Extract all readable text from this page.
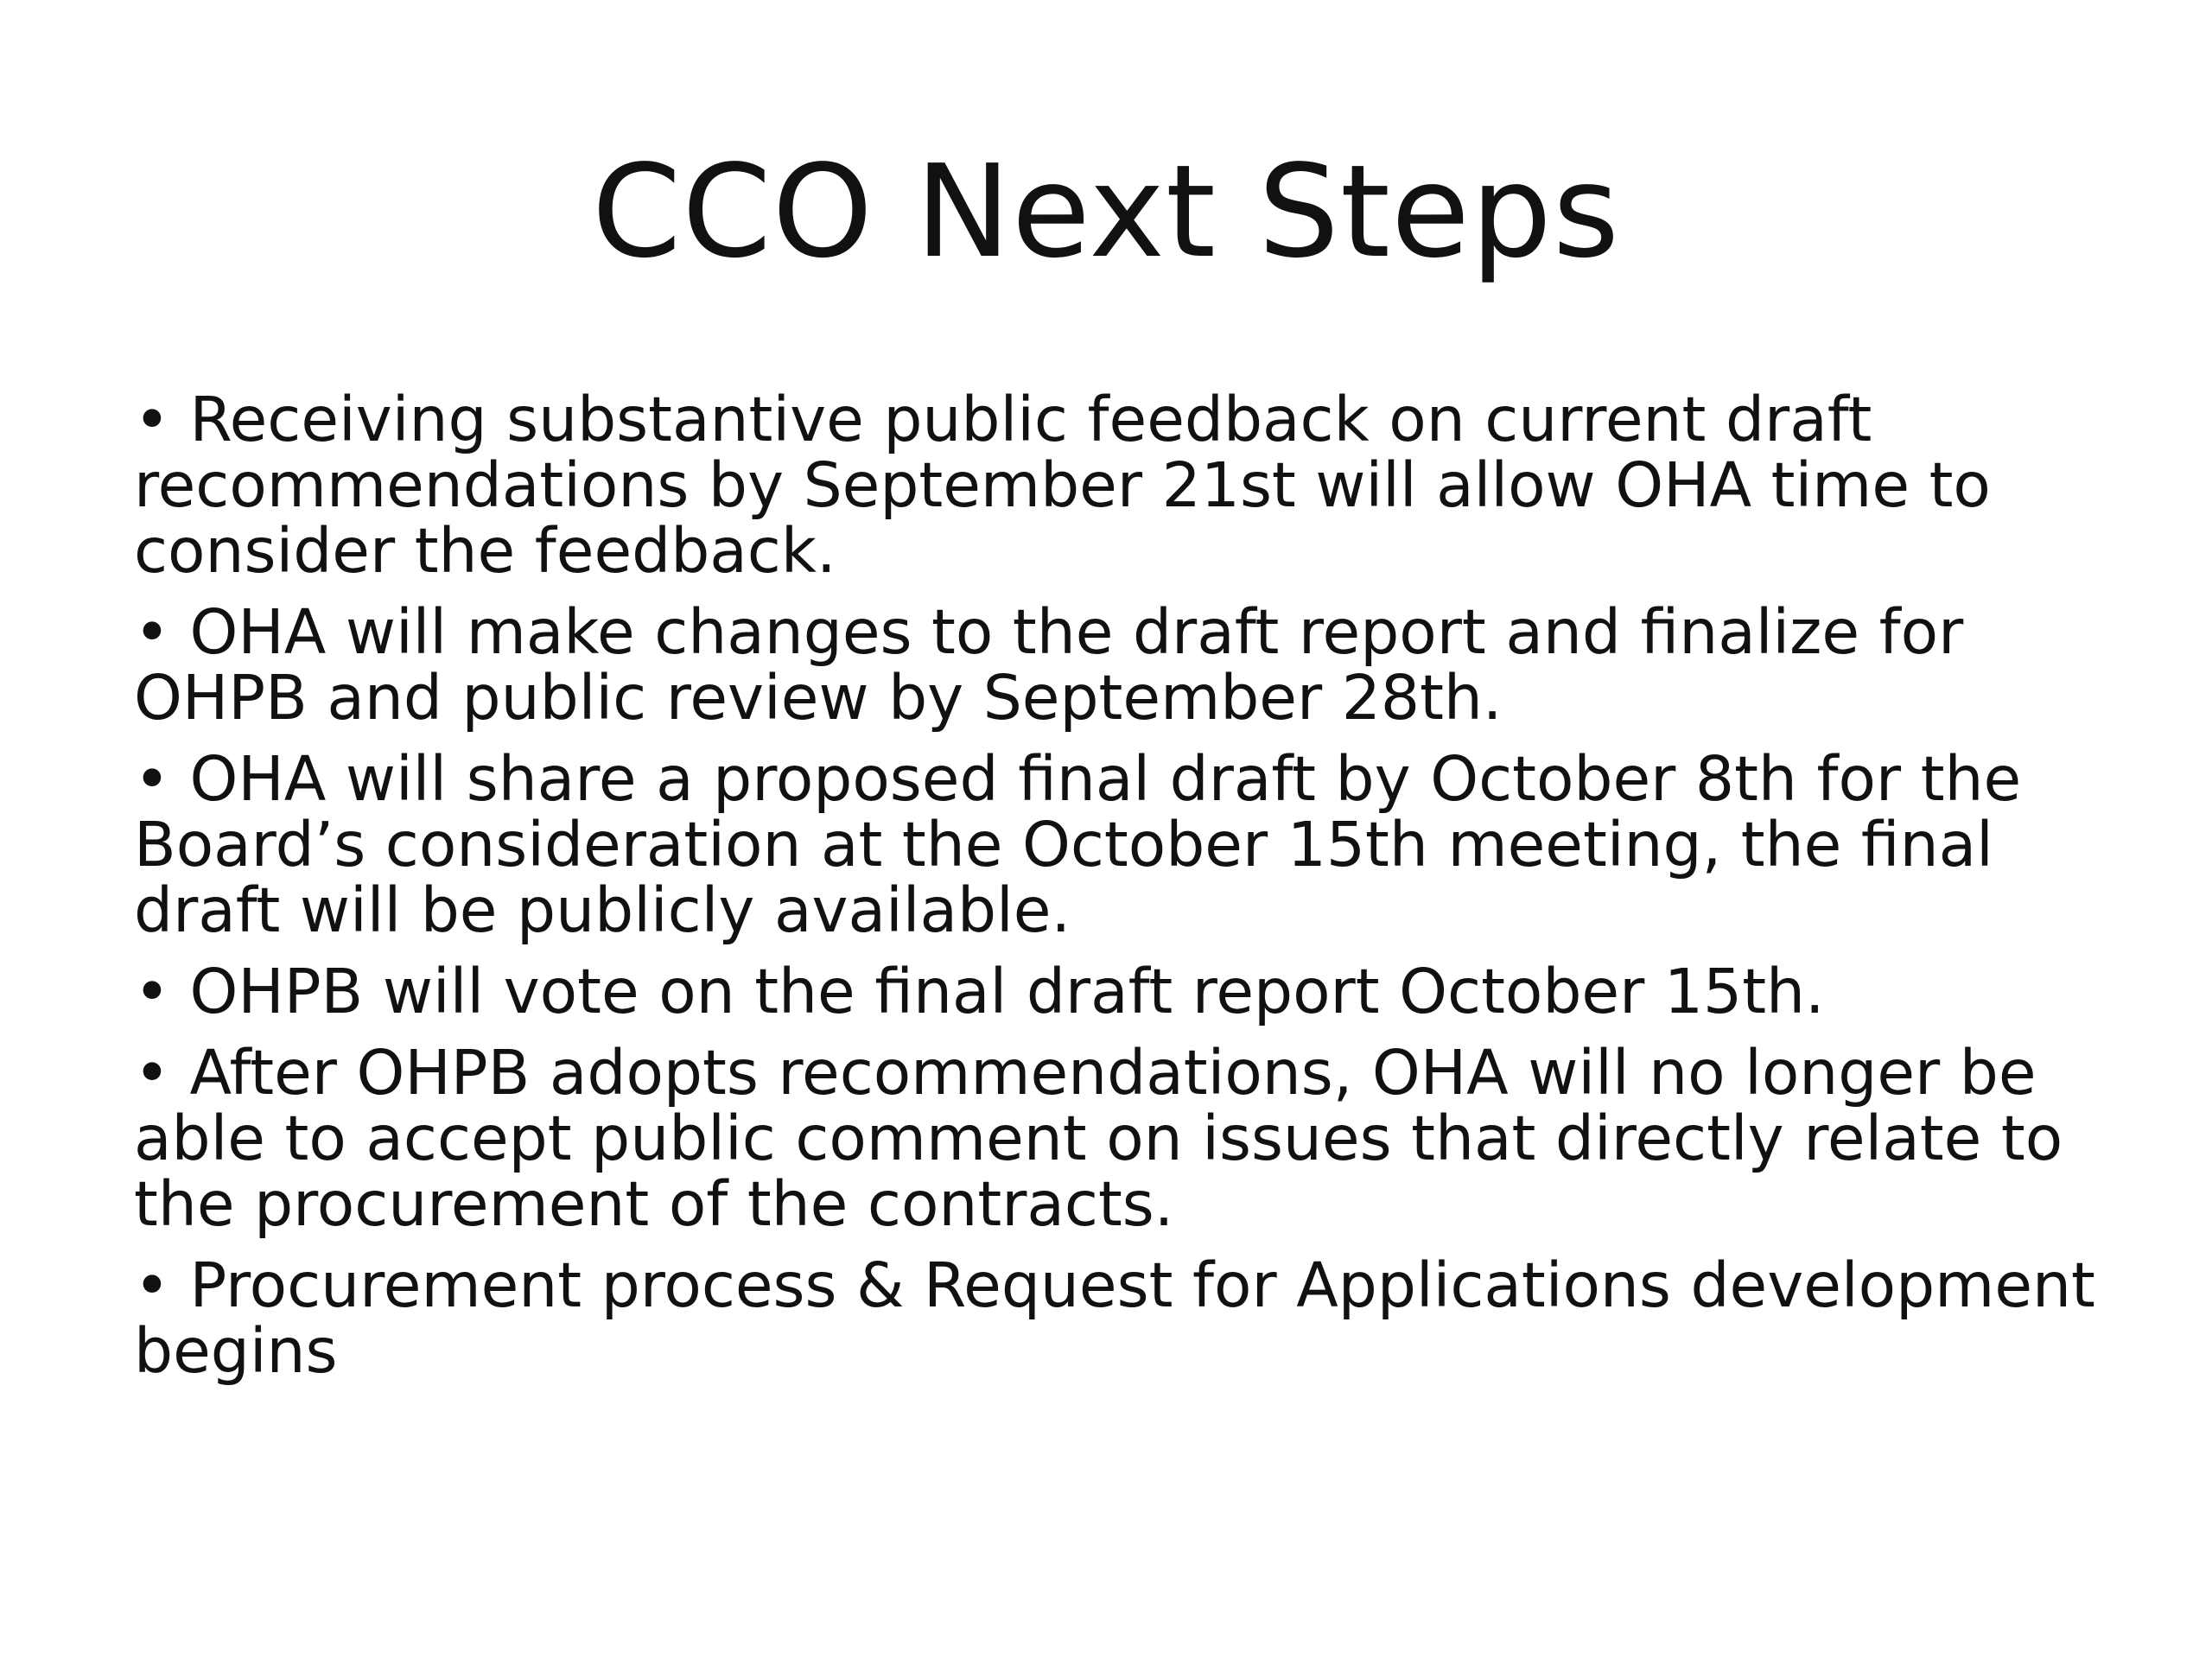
CCO Next Steps
• Receiving substantive public feedback on current draft recommendations by September 21st will allow OHA time to consider the feedback.
• OHA will make changes to the draft report and finalize for OHPB and public review by September 28th.
• OHA will share a proposed final draft by October 8th for the Board’s consideration at the October 15th meeting, the final draft will be publicly available.
• OHPB will vote on the final draft report October 15th.
• After OHPB adopts recommendations, OHA will no longer be able to accept public comment on issues that directly relate to the procurement of the contracts.
• Procurement process & Request for Applications development begins
